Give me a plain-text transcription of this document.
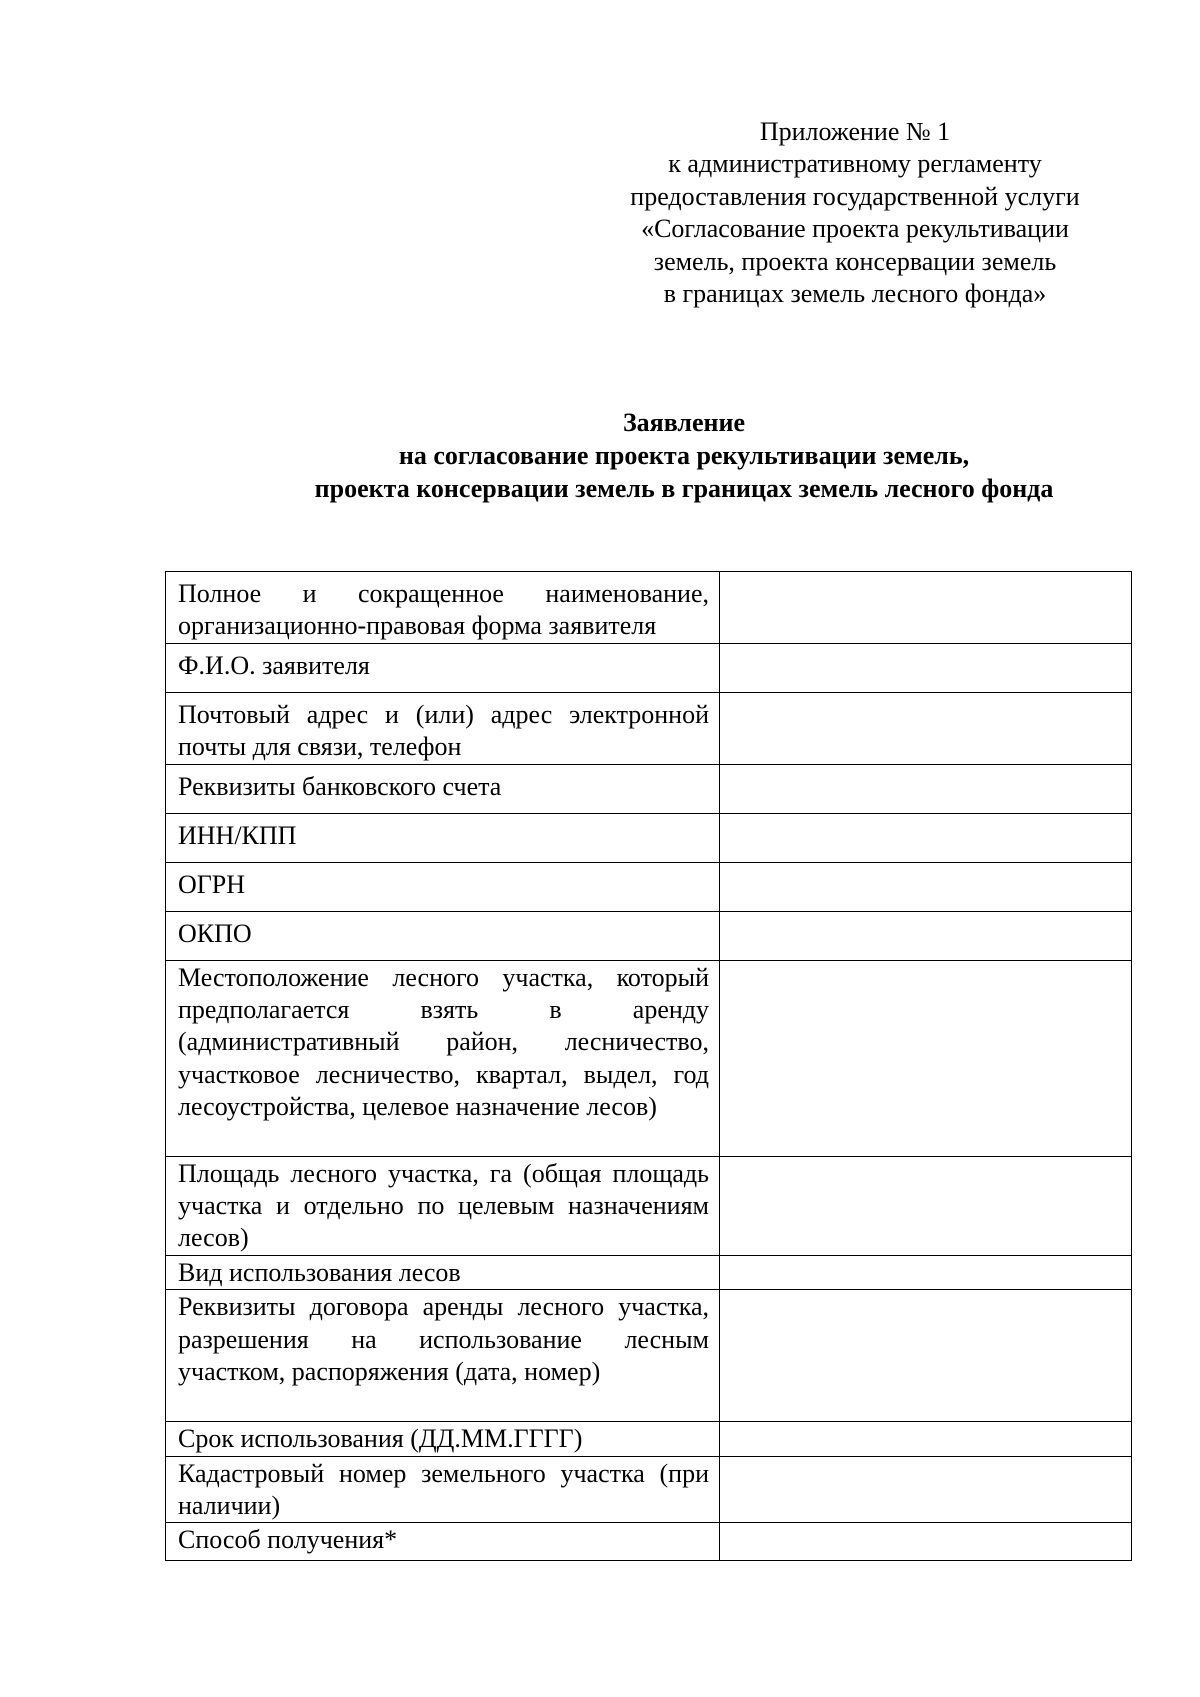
Приложение № 1
к административному регламенту
предоставления государственной услуги
«Согласование проекта рекультивации
земель, проекта консервации земель
в границах земель лесного фонда»
Заявление
на согласование проекта рекультивации земель,
проекта консервации земель в границах земель лесного фонда
Полное и сокращенное наименование, организационно-правовая форма заявителя	
Ф.И.О. заявителя	
Почтовый адрес и (или) адрес электронной почты для связи, телефон	
Реквизиты банковского счета	
ИНН/КПП	
ОГРН	
ОКПО	
Местоположение лесного участка, который предполагается взять в аренду (административный район, лесничество, участковое лесничество, квартал, выдел, год лесоустройства, целевое назначение лесов)	
Площадь лесного участка, га (общая площадь участка и отдельно по целевым назначениям лесов)	
Вид использования лесов	
Реквизиты договора аренды лесного участка, разрешения на использование лесным участком, распоряжения (дата, номер)	
Срок использования (ДД.ММ.ГГГГ)	
Кадастровый номер земельного участка (при наличии)	
Способ получения*	
